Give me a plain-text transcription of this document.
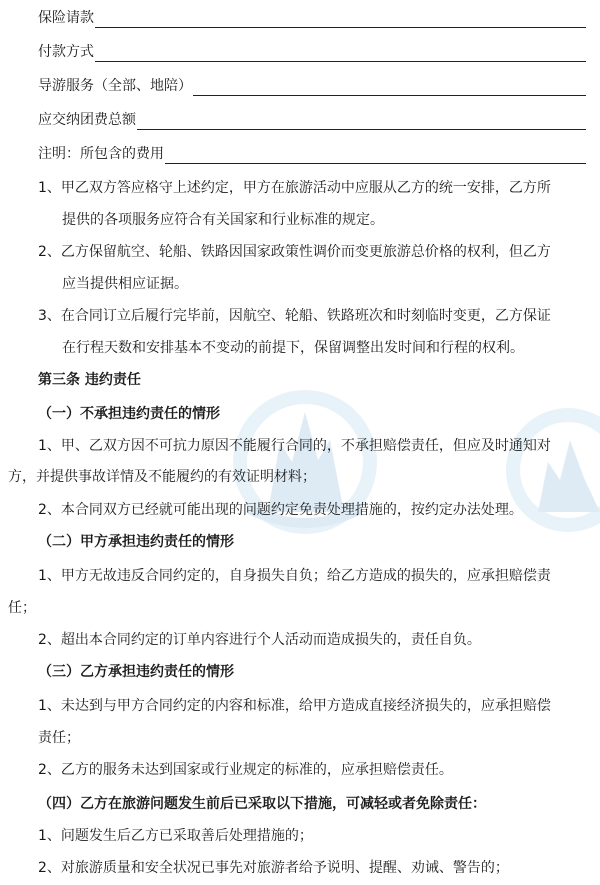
保险请款
付款方式
导游服务（全部、地陪）
应交纳团费总额
注明：所包含的费用
1、甲乙双方答应格守上述约定，甲方在旅游活动中应服从乙方的统一安排，乙方所
提供的各项服务应符合有关国家和行业标准的规定。
2、乙方保留航空、轮船、铁路因国家政策性调价而变更旅游总价格的权利，但乙方
应当提供相应证据。
3、在合同订立后履行完毕前，因航空、轮船、铁路班次和时刻临时变更，乙方保证
在行程天数和安排基本不变动的前提下，保留调整出发时间和行程的权利。
第三条 违约责任
（一）不承担违约责任的情形
1、甲、乙双方因不可抗力原因不能履行合同的，不承担赔偿责任，但应及时通知对
方，并提供事故详情及不能履约的有效证明材料；
2、本合同双方已经就可能出现的问题约定免责处理措施的，按约定办法处理。
（二）甲方承担违约责任的情形
1、甲方无故违反合同约定的，自身损失自负；给乙方造成的损失的，应承担赔偿责
任；
2、超出本合同约定的订单内容进行个人活动而造成损失的，责任自负。
（三）乙方承担违约责任的情形
1、未达到与甲方合同约定的内容和标准，给甲方造成直接经济损失的，应承担赔偿
责任；
2、乙方的服务未达到国家或行业规定的标准的，应承担赔偿责任。
（四）乙方在旅游问题发生前后已采取以下措施，可减轻或者免除责任：
1、问题发生后乙方已采取善后处理措施的；
2、对旅游质量和安全状况已事先对旅游者给予说明、提醒、劝诫、警告的；
